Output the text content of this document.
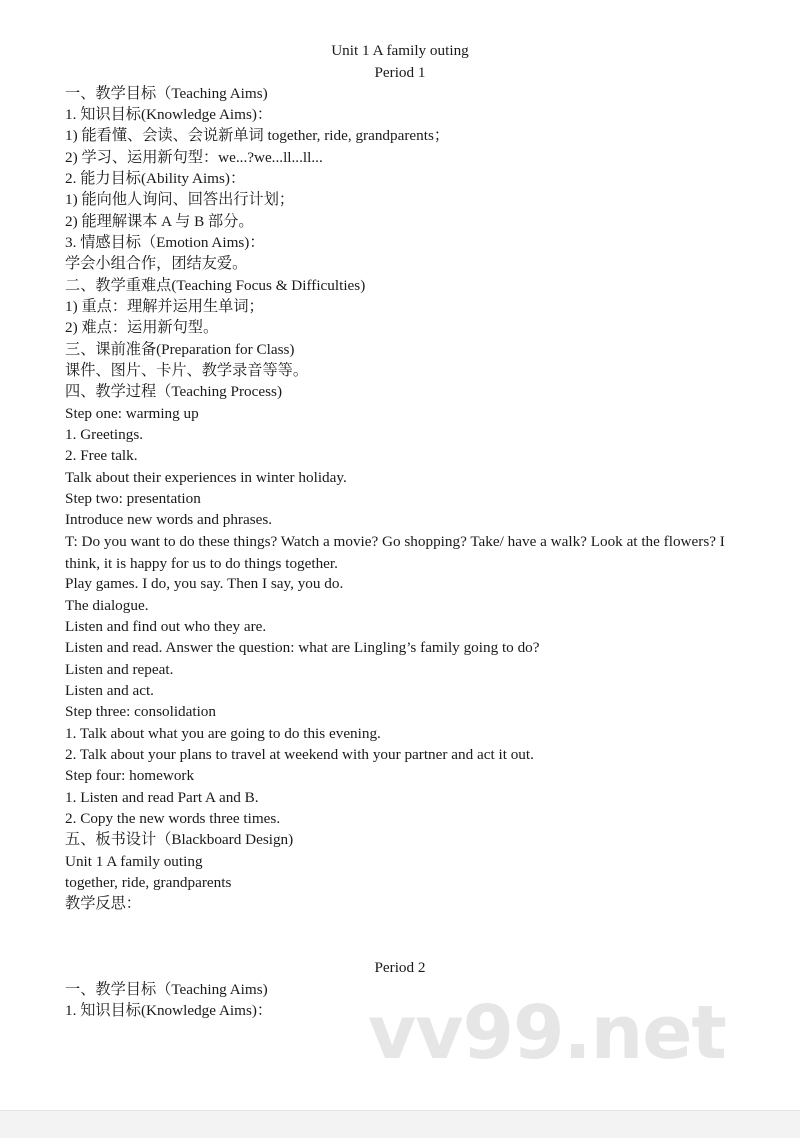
Unit 1 A family outing
Period 1
一、教学目标（Teaching Aims)
1. 知识目标(Knowledge Aims)：
1) 能看懂、会读、会说新单词 together, ride, grandparents；
2) 学习、运用新句型：we...?we...ll...ll...
2. 能力目标(Ability Aims)：
1) 能向他人询问、回答出行计划；
2) 能理解课本 A 与 B 部分。
3. 情感目标（Emotion Aims)：
学会小组合作，团结友爱。
二、教学重难点(Teaching Focus & Difficulties)
1) 重点：理解并运用生单词；
2) 难点：运用新句型。
三、课前准备(Preparation for Class)
课件、图片、卡片、教学录音等等。
四、教学过程（Teaching Process)
Step one: warming up
1. Greetings.
2. Free talk.
Talk about their experiences in winter holiday.
Step two: presentation
Introduce new words and phrases.
T: Do you want to do these things? Watch a movie? Go shopping? Take/ have a walk? Look at the flowers? I think, it is happy for us to do things together.
Play games. I do, you say. Then I say, you do.
The dialogue.
Listen and find out who they are.
Listen and read. Answer the question: what are Lingling’s family going to do?
Listen and repeat.
Listen and act.
Step three: consolidation
1. Talk about what you are going to do this evening.
2. Talk about your plans to travel at weekend with your partner and act it out.
Step four: homework
1. Listen and read Part A and B.
2. Copy the new words three times.
五、板书设计（Blackboard Design)
Unit 1 A family outing
together, ride, grandparents
教学反思：
Period 2
一、教学目标（Teaching Aims)
1. 知识目标(Knowledge Aims)：	vv99.net
